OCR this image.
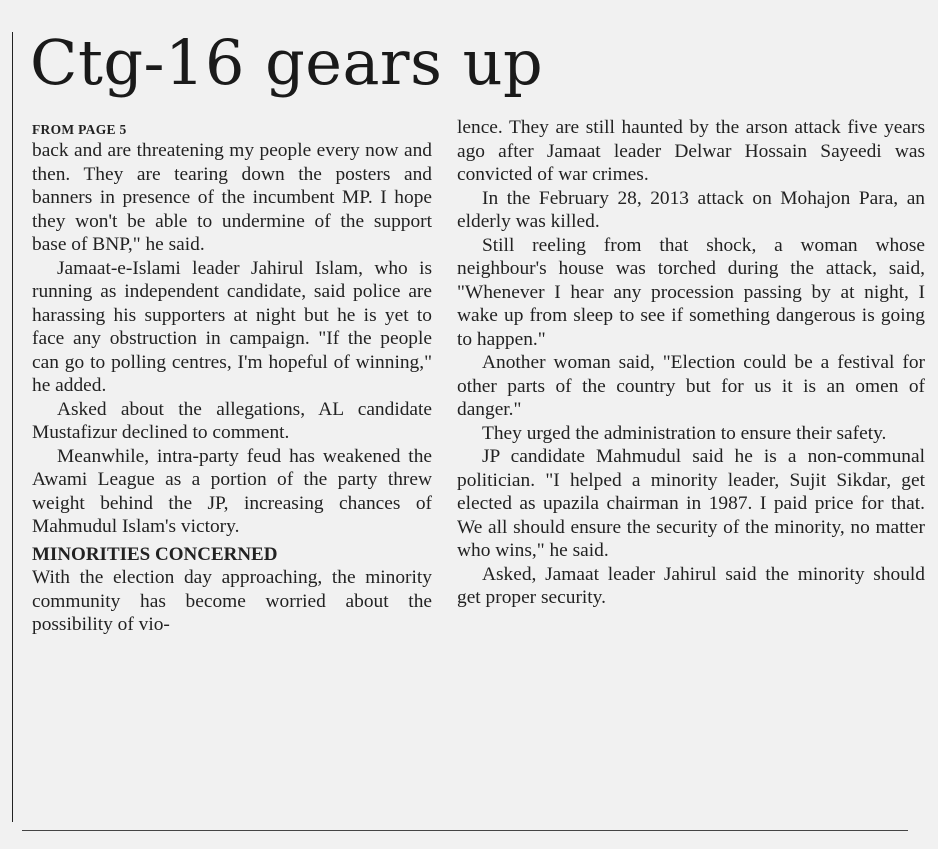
Ctg-16 gears up
FROM PAGE 5

back and are threatening my people every now and then. They are tearing down the posters and banners in presence of the incumbent MP. I hope they won't be able to undermine of the support base of BNP," he said.

Jamaat-e-Islami leader Jahirul Islam, who is running as independent candidate, said police are harassing his supporters at night but he is yet to face any obstruction in campaign. "If the people can go to polling centres, I'm hopeful of winning," he added.

Asked about the allegations, AL candidate Mustafizur declined to comment.

Meanwhile, intra-party feud has weakened the Awami League as a portion of the party threw weight behind the JP, increasing chances of Mahmudul Islam's victory.

MINORITIES CONCERNED

With the election day approaching, the minority community has become worried about the possibility of vio-

lence. They are still haunted by the arson attack five years ago after Jamaat leader Delwar Hossain Sayeedi was convicted of war crimes.

In the February 28, 2013 attack on Mohajon Para, an elderly was killed.

Still reeling from that shock, a woman whose neighbour's house was torched during the attack, said, "Whenever I hear any procession passing by at night, I wake up from sleep to see if something dangerous is going to happen."

Another woman said, "Election could be a festival for other parts of the country but for us it is an omen of danger."

They urged the administration to ensure their safety.

JP candidate Mahmudul said he is a non-communal politician. "I helped a minority leader, Sujit Sikdar, get elected as upazila chairman in 1987. I paid price for that. We all should ensure the security of the minority, no matter who wins," he said.

Asked, Jamaat leader Jahirul said the minority should get proper security.
